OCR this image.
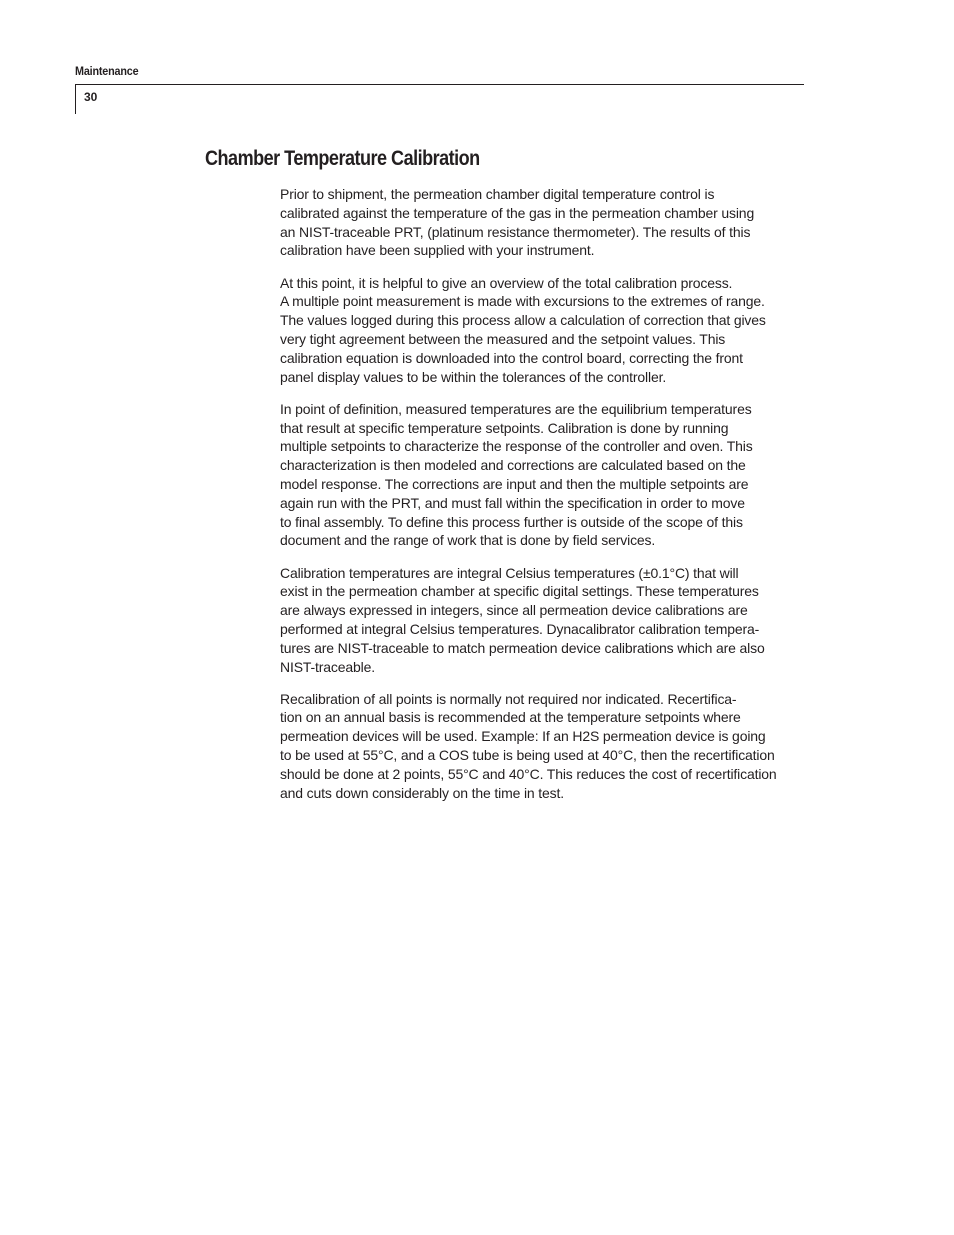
Maintenance
30
Chamber Temperature Calibration

Prior to shipment, the permeation chamber digital temperature control is
calibrated against the temperature of the gas in the permeation chamber using
an NIST-traceable PRT, (platinum resistance thermometer). The results of this
calibration have been supplied with your instrument.

At this point, it is helpful to give an overview of the total calibration process.
A multiple point measurement is made with excursions to the extremes of range.
The values logged during this process allow a calculation of correction that gives
very tight agreement between the measured and the setpoint values. This
calibration equation is downloaded into the control board, correcting the front
panel display values to be within the tolerances of the controller.

In point of definition, measured temperatures are the equilibrium temperatures
that result at specific temperature setpoints. Calibration is done by running
multiple setpoints to characterize the response of the controller and oven. This
characterization is then modeled and corrections are calculated based on the
model response. The corrections are input and then the multiple setpoints are
again run with the PRT, and must fall within the specification in order to move
to final assembly. To define this process further is outside of the scope of this
document and the range of work that is done by field services.

Calibration temperatures are integral Celsius temperatures (±0.1°C) that will
exist in the permeation chamber at specific digital settings. These temperatures
are always expressed in integers, since all permeation device calibrations are
performed at integral Celsius temperatures. Dynacalibrator calibration tempera-
tures are NIST-traceable to match permeation device calibrations which are also
NIST-traceable.

Recalibration of all points is normally not required nor indicated. Recertifica-
tion on an annual basis is recommended at the temperature setpoints where
permeation devices will be used. Example: If an H2S permeation device is going
to be used at 55°C, and a COS tube is being used at 40°C, then the recertification
should be done at 2 points, 55°C and 40°C. This reduces the cost of recertification
and cuts down considerably on the time in test.
